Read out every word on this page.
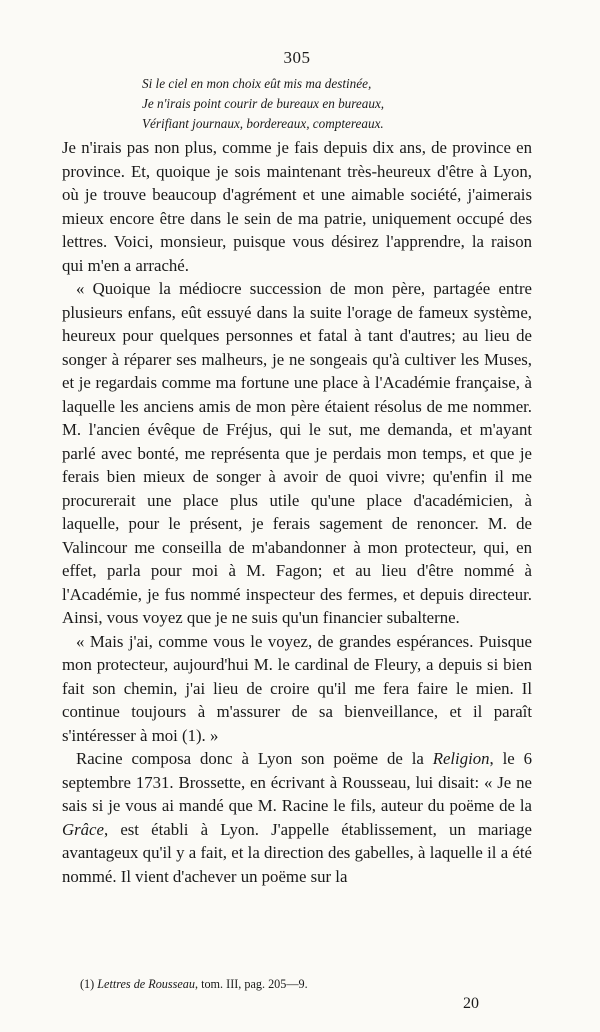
305
Si le ciel en mon choix eût mis ma destinée,
Je n'irais point courir de bureaux en bureaux,
Vérifiant journaux, bordereaux, comptereaux.

Je n'irais pas non plus, comme je fais depuis dix ans, de province en province. Et, quoique je sois maintenant très-heureux d'être à Lyon, où je trouve beaucoup d'agrément et une aimable société, j'aimerais mieux encore être dans le sein de ma patrie, uniquement occupé des lettres. Voici, monsieur, puisque vous désirez l'apprendre, la raison qui m'en a arraché.

« Quoique la médiocre succession de mon père, partagée entre plusieurs enfans, eût essuyé dans la suite l'orage de fameux système, heureux pour quelques personnes et fatal à tant d'autres; au lieu de songer à réparer ses malheurs, je ne songeais qu'à cultiver les Muses, et je regardais comme ma fortune une place à l'Académie française, à laquelle les anciens amis de mon père étaient résolus de me nommer. M. l'ancien évêque de Fréjus, qui le sut, me demanda, et m'ayant parlé avec bonté, me représenta que je perdais mon temps, et que je ferais bien mieux de songer à avoir de quoi vivre; qu'enfin il me procurerait une place plus utile qu'une place d'académicien, à laquelle, pour le présent, je ferais sagement de renoncer. M. de Valincour me conseilla de m'abandonner à mon protecteur, qui, en effet, parla pour moi à M. Fagon; et au lieu d'être nommé à l'Académie, je fus nommé inspecteur des fermes, et depuis directeur. Ainsi, vous voyez que je ne suis qu'un financier subalterne.

« Mais j'ai, comme vous le voyez, de grandes espérances. Puisque mon protecteur, aujourd'hui M. le cardinal de Fleury, a depuis si bien fait son chemin, j'ai lieu de croire qu'il me fera faire le mien. Il continue toujours à m'assurer de sa bienveillance, et il paraît s'intéresser à moi (1). »

Racine composa donc à Lyon son poëme de la Religion, le 6 septembre 1731. Brossette, en écrivant à Rousseau, lui disait: « Je ne sais si je vous ai mandé que M. Racine le fils, auteur du poëme de la Grâce, est établi à Lyon. J'appelle établissement, un mariage avantageux qu'il y a fait, et la direction des gabelles, à laquelle il a été nommé. Il vient d'achever un poëme sur la

(1) Lettres de Rousseau, tom. III, pag. 205—9.
20
